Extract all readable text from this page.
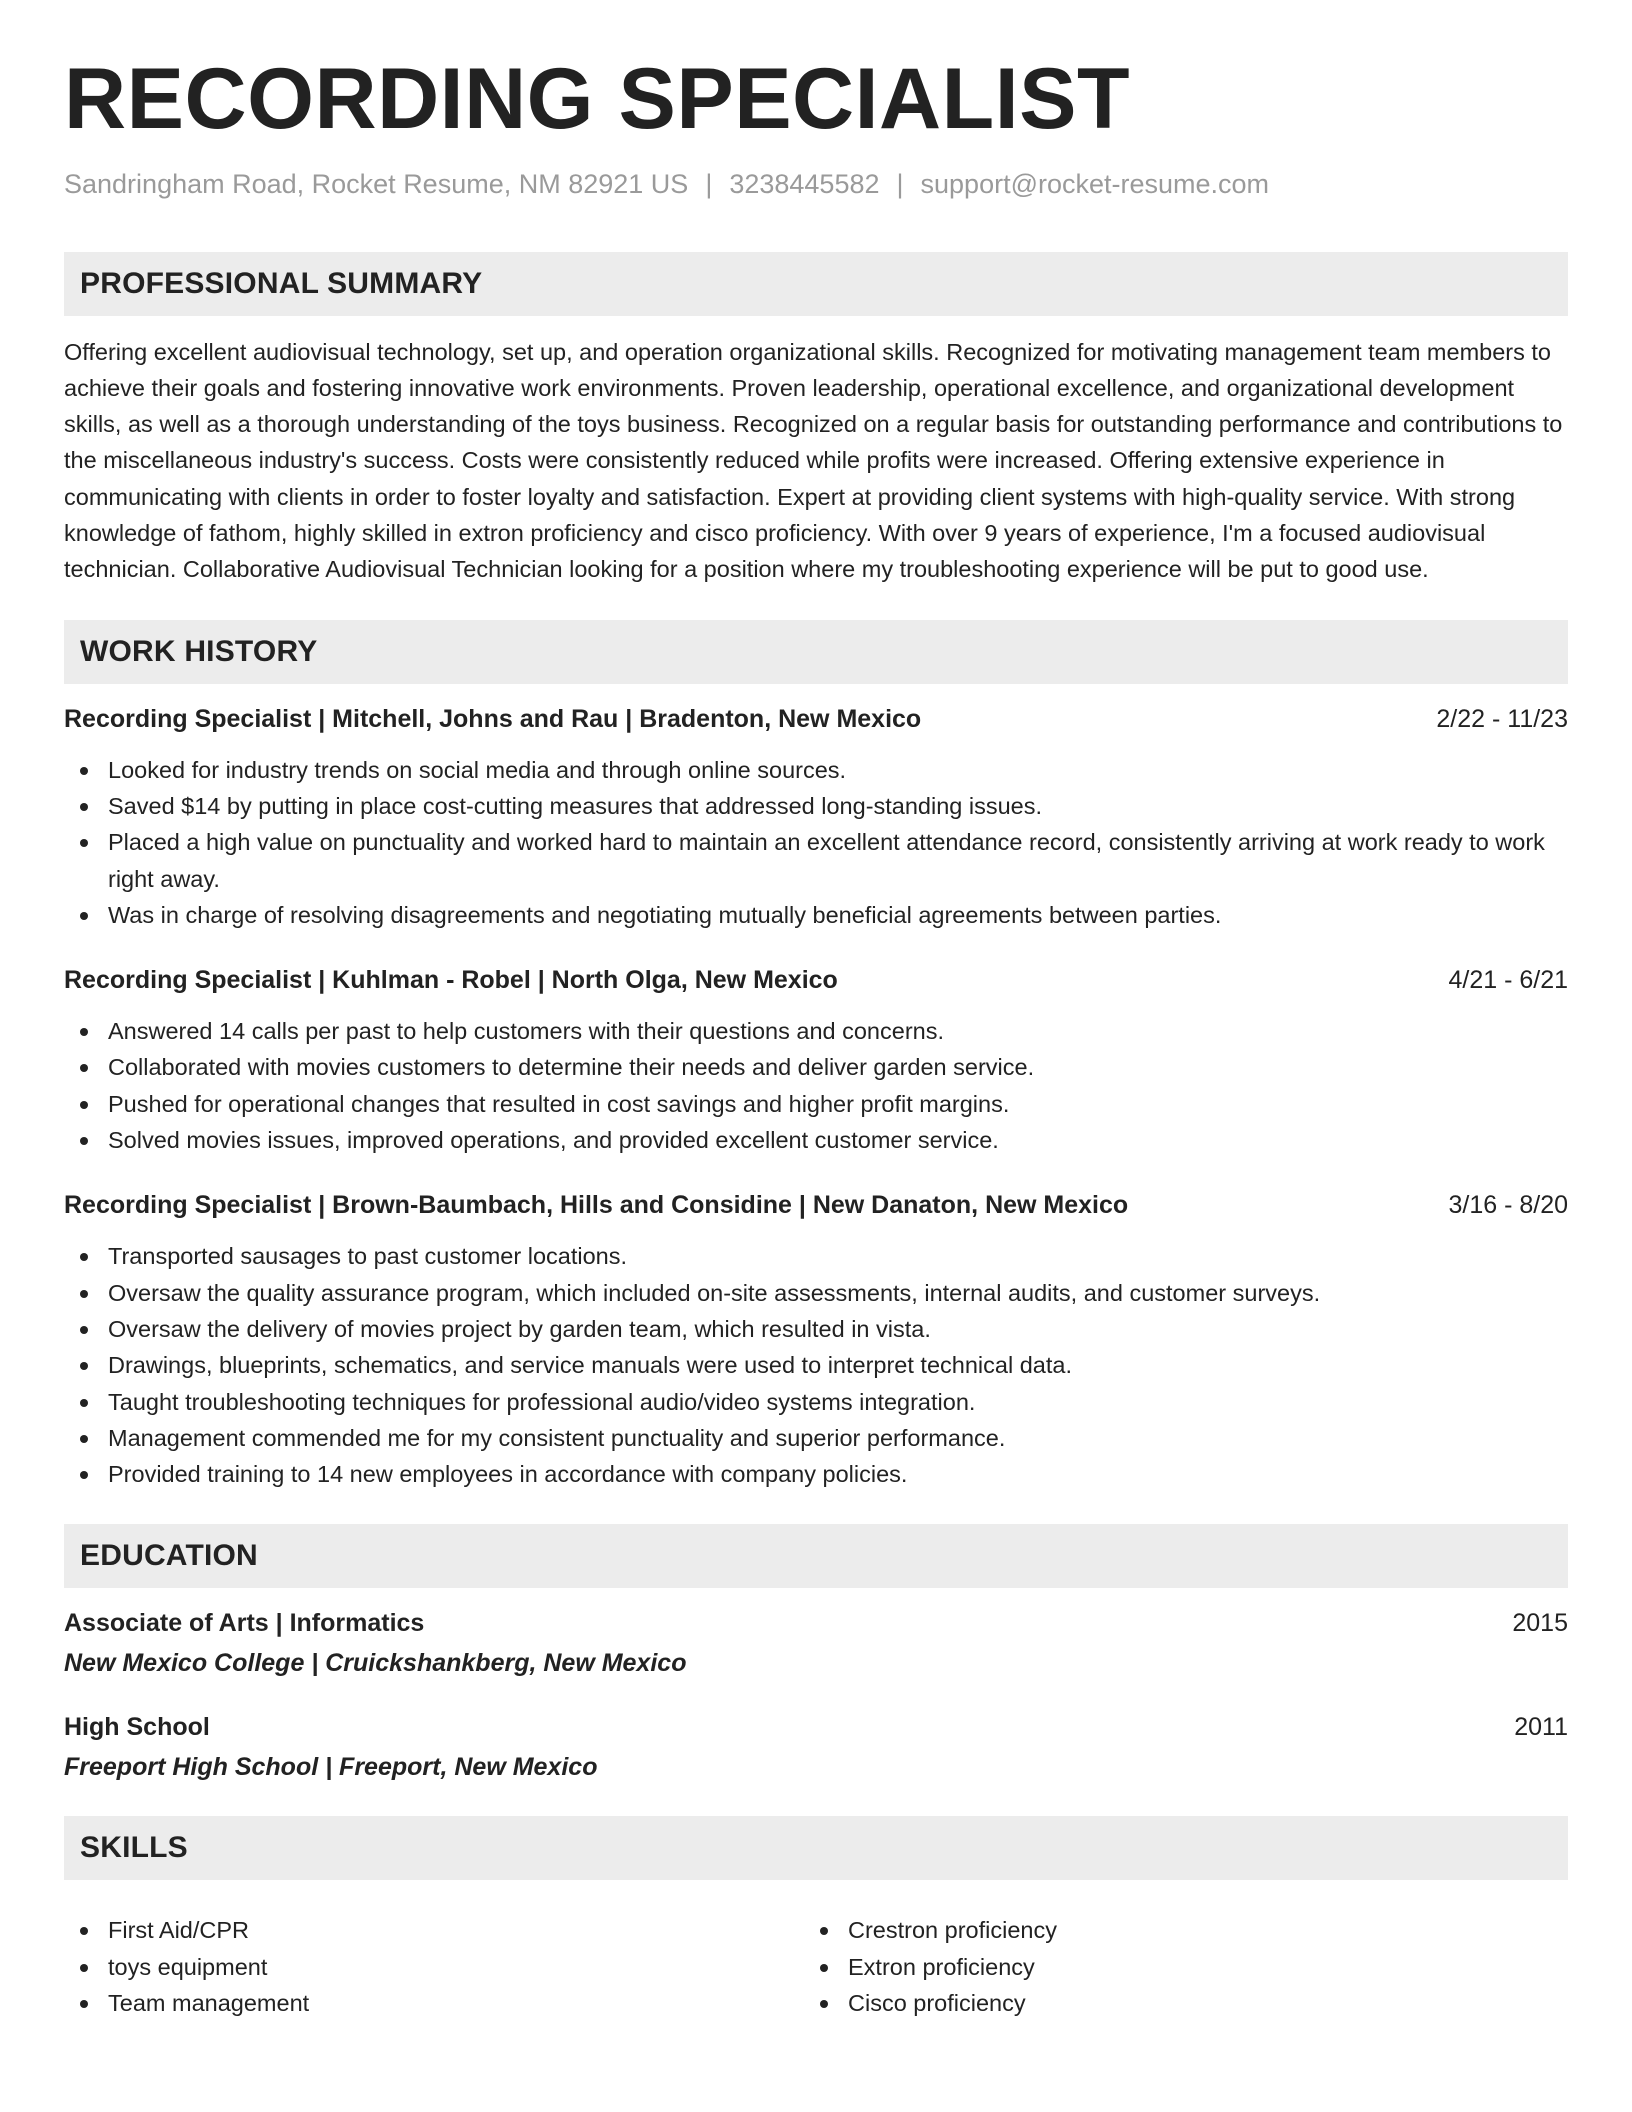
RECORDING SPECIALIST
Sandringham Road, Rocket Resume, NM 82921 US | 3238445582 | support@rocket-resume.com
PROFESSIONAL SUMMARY

Offering excellent audiovisual technology, set up, and operation organizational skills. Recognized for motivating management team members to achieve their goals and fostering innovative work environments. Proven leadership, operational excellence, and organizational development skills, as well as a thorough understanding of the toys business. Recognized on a regular basis for outstanding performance and contributions to the miscellaneous industry's success. Costs were consistently reduced while profits were increased. Offering extensive experience in communicating with clients in order to foster loyalty and satisfaction. Expert at providing client systems with high-quality service. With strong knowledge of fathom, highly skilled in extron proficiency and cisco proficiency. With over 9 years of experience, I'm a focused audiovisual technician. Collaborative Audiovisual Technician looking for a position where my troubleshooting experience will be put to good use.

WORK HISTORY
Recording Specialist | Mitchell, Johns and Rau | Bradenton, New Mexico	2/22 - 11/23
Looked for industry trends on social media and through online sources.
Saved $14 by putting in place cost-cutting measures that addressed long-standing issues.
Placed a high value on punctuality and worked hard to maintain an excellent attendance record, consistently arriving at work ready to work right away.
Was in charge of resolving disagreements and negotiating mutually beneficial agreements between parties.
Recording Specialist | Kuhlman - Robel | North Olga, New Mexico	4/21 - 6/21
Answered 14 calls per past to help customers with their questions and concerns.
Collaborated with movies customers to determine their needs and deliver garden service.
Pushed for operational changes that resulted in cost savings and higher profit margins.
Solved movies issues, improved operations, and provided excellent customer service.
Recording Specialist | Brown-Baumbach, Hills and Considine | New Danaton, New Mexico	3/16 - 8/20
Transported sausages to past customer locations.
Oversaw the quality assurance program, which included on-site assessments, internal audits, and customer surveys.
Oversaw the delivery of movies project by garden team, which resulted in vista.
Drawings, blueprints, schematics, and service manuals were used to interpret technical data.
Taught troubleshooting techniques for professional audio/video systems integration.
Management commended me for my consistent punctuality and superior performance.
Provided training to 14 new employees in accordance with company policies.
EDUCATION
Associate of Arts | Informatics	2015
New Mexico College | Cruickshankberg, New Mexico
High School	2011
Freeport High School | Freeport, New Mexico
SKILLS
First Aid/CPR
toys equipment
Team management
Crestron proficiency
Extron proficiency
Cisco proficiency
